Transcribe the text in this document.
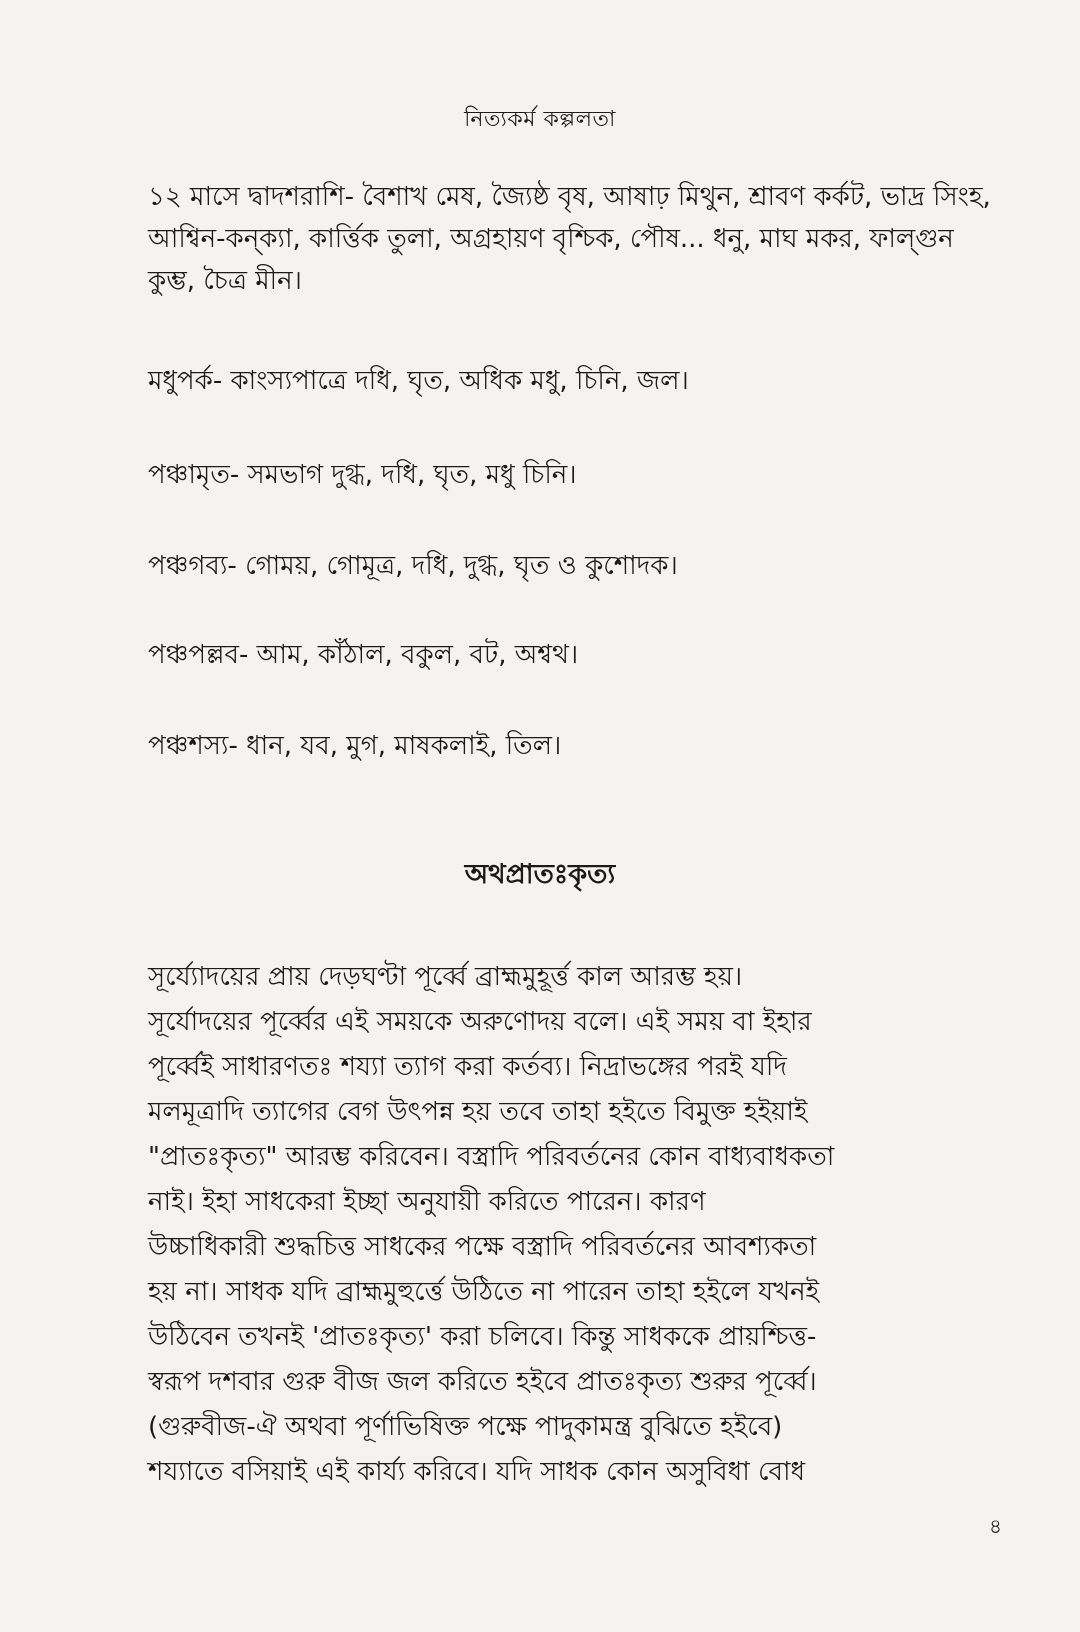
নিত্যকর্ম কল্পলতা

১২ মাসে দ্বাদশরাশি- বৈশাখ মেষ, জ্যৈষ্ঠ বৃষ, আষাঢ় মিথুন, শ্রাবণ কর্কট, ভাদ্র সিংহ, আশ্বিন-কন্ক্যা, কার্ত্তিক তুলা, অগ্রহায়ণ বৃশ্চিক, পৌষ... ধনু, মাঘ মকর, ফাল্গুন কুম্ভ, চৈত্র মীন।

মধুপর্ক- কাংস্যপাত্রে দধি, ঘৃত, অধিক মধু, চিনি, জল।

পঞ্চামৃত- সমভাগ দুগ্ধ, দধি, ঘৃত, মধু চিনি।

পঞ্চগব্য- গোময়, গোমূত্র, দধি, দুগ্ধ, ঘৃত ও কুশোদক।

পঞ্চপল্লব- আম, কাঁঠাল, বকুল, বট, অশ্বথ।

পঞ্চশস্য- ধান, যব, মুগ, মাষকলাই, তিল।

অথপ্রাতঃকৃত্য
সূর্য্যোদয়ের প্রায় দেড়ঘণ্টা পূর্ব্বে ব্রাহ্মমুহূর্ত্ত কাল আরম্ভ হয়।
সূর্যোদয়ের পূর্ব্বের এই সময়কে অরুণোদয় বলে। এই সময় বা ইহার
পূর্ব্বেই সাধারণতঃ শয্যা ত্যাগ করা কর্তব্য। নিদ্রাভঙ্গের পরই যদি
মলমূত্রাদি ত্যাগের বেগ উৎপন্ন হয় তবে তাহা হইতে বিমুক্ত হইয়াই
"প্রাতঃকৃত্য" আরম্ভ করিবেন। বস্ত্রাদি পরিবর্তনের কোন বাধ্যবাধকতা
নাই। ইহা সাধকেরা ইচ্ছা অনুযায়ী করিতে পারেন। কারণ
উচ্চাধিকারী শুদ্ধচিত্ত সাধকের পক্ষে বস্ত্রাদি পরিবর্তনের আবশ্যকতা
হয় না। সাধক যদি ব্রাহ্মমুহুর্ত্তে উঠিতে না পারেন তাহা হইলে যখনই
উঠিবেন তখনই 'প্রাতঃকৃত্য' করা চলিবে। কিন্তু সাধককে প্রায়শ্চিত্ত-
স্বরূপ দশবার গুরু বীজ জল করিতে হইবে প্রাতঃকৃত্য শুরুর পূর্ব্বে।
(গুরুবীজ-ঐ অথবা পূর্ণাভিষিক্ত পক্ষে পাদুকামন্ত্র বুঝিতে হইবে)
শয্যাতে বসিয়াই এই কার্য্য করিবে। যদি সাধক কোন অসুবিধা বোধ
৪
